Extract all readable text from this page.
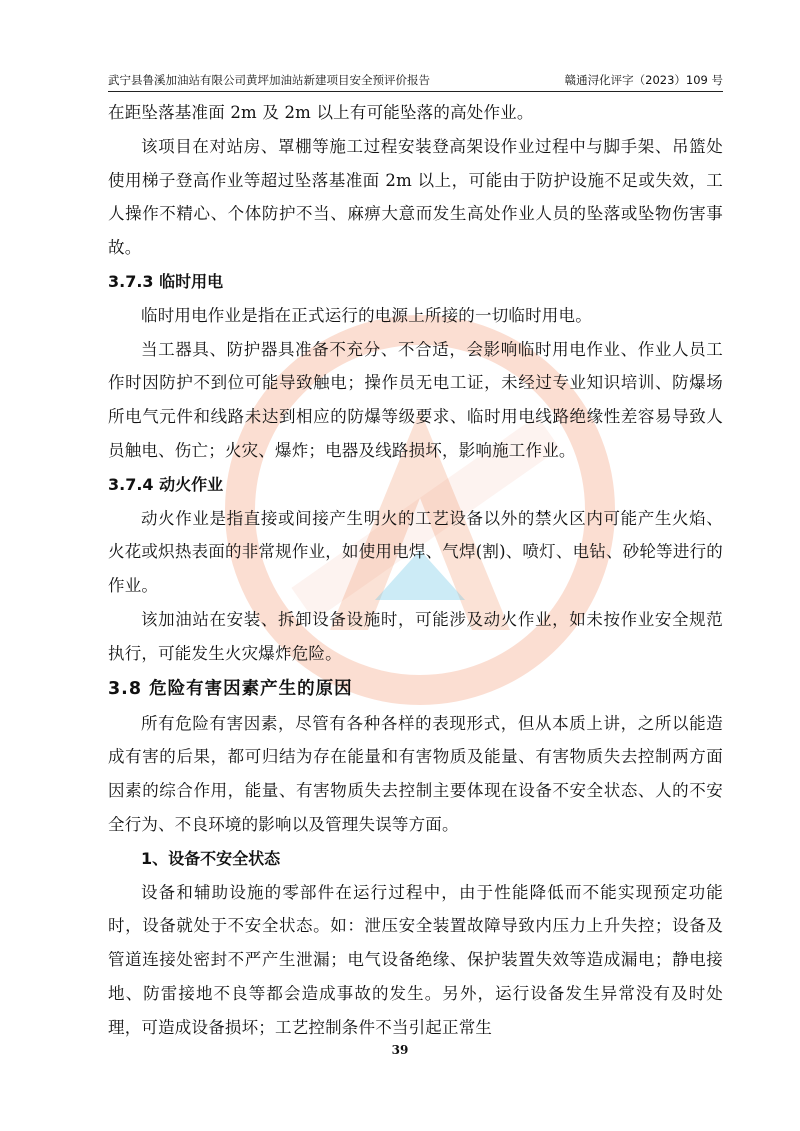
武宁县鲁溪加油站有限公司黄坪加油站新建项目安全预评价报告	赣通浔化评字（2023）109 号

在距坠落基准面 2m 及 2m 以上有可能坠落的高处作业。

该项目在对站房、罩棚等施工过程安装登高架设作业过程中与脚手架、吊篮处使用梯子登高作业等超过坠落基准面 2m 以上，可能由于防护设施不足或失效，工人操作不精心、个体防护不当、麻痹大意而发生高处作业人员的坠落或坠物伤害事故。

3.7.3 临时用电

临时用电作业是指在正式运行的电源上所接的一切临时用电。

当工器具、防护器具准备不充分、不合适，会影响临时用电作业、作业人员工作时因防护不到位可能导致触电；操作员无电工证，未经过专业知识培训、防爆场所电气元件和线路未达到相应的防爆等级要求、临时用电线路绝缘性差容易导致人员触电、伤亡；火灾、爆炸；电器及线路损坏，影响施工作业。

3.7.4 动火作业

动火作业是指直接或间接产生明火的工艺设备以外的禁火区内可能产生火焰、火花或炽热表面的非常规作业，如使用电焊、气焊(割)、喷灯、电钻、砂轮等进行的作业。

该加油站在安装、拆卸设备设施时，可能涉及动火作业，如未按作业安全规范执行，可能发生火灾爆炸危险。

3.8 危险有害因素产生的原因

所有危险有害因素，尽管有各种各样的表现形式，但从本质上讲，之所以能造成有害的后果，都可归结为存在能量和有害物质及能量、有害物质失去控制两方面因素的综合作用，能量、有害物质失去控制主要体现在设备不安全状态、人的不安全行为、不良环境的影响以及管理失误等方面。

1、设备不安全状态

设备和辅助设施的零部件在运行过程中，由于性能降低而不能实现预定功能时，设备就处于不安全状态。如：泄压安全装置故障导致内压力上升失控；设备及管道连接处密封不严产生泄漏；电气设备绝缘、保护装置失效等造成漏电；静电接地、防雷接地不良等都会造成事故的发生。另外，运行设备发生异常没有及时处理，可造成设备损坏；工艺控制条件不当引起正常生

39
